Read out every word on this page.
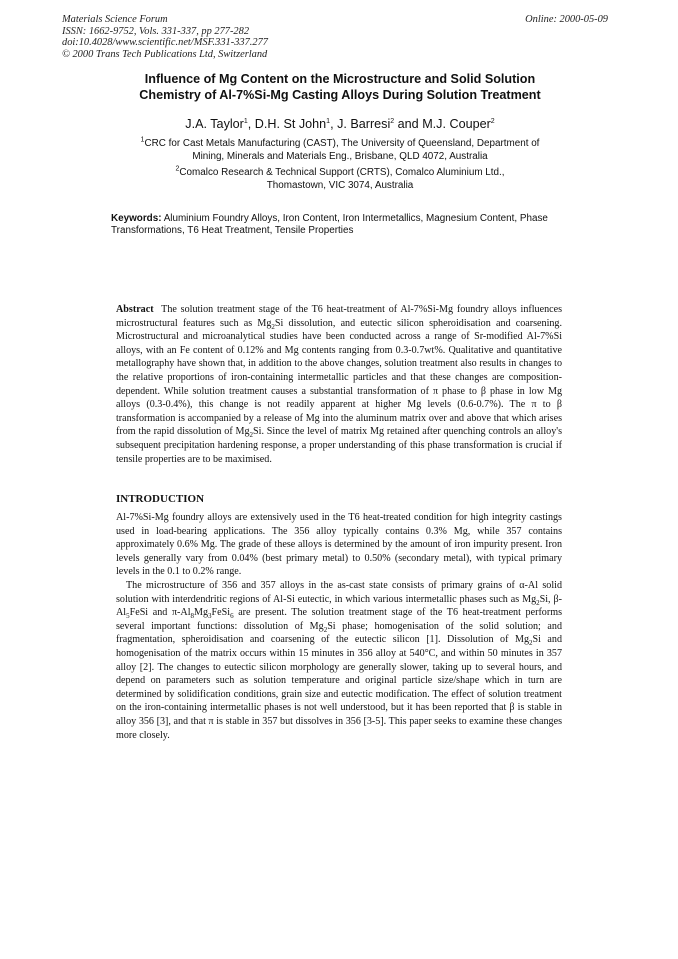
Materials Science Forum
ISSN: 1662-9752, Vols. 331-337, pp 277-282
doi:10.4028/www.scientific.net/MSF.331-337.277
© 2000 Trans Tech Publications Ltd, Switzerland
Online: 2000-05-09
Influence of Mg Content on the Microstructure and Solid Solution
Chemistry of Al-7%Si-Mg Casting Alloys During Solution Treatment
J.A. Taylor$^1$, D.H. St John$^1$, J. Barresi$^2$ and M.J. Couper$^2$
$^1$CRC for Cast Metals Manufacturing (CAST), The University of Queensland, Department of
Mining, Minerals and Materials Eng., Brisbane, QLD 4072, Australia
$^2$Comalco Research & Technical Support (CRTS), Comalco Aluminium Ltd.,
Thomastown, VIC 3074, Australia
Keywords: Aluminium Foundry Alloys, Iron Content, Iron Intermetallics, Magnesium Content, Phase Transformations, T6 Heat Treatment, Tensile Properties
Abstract The solution treatment stage of the T6 heat-treatment of Al-7%Si-Mg foundry alloys influences microstructural features such as $Mg_2Si$ dissolution, and eutectic silicon spheroidisation and coarsening. Microstructural and microanalytical studies have been conducted across a range of Sr-modified Al-7%Si alloys, with an Fe content of 0.12% and Mg contents ranging from 0.3-0.7wt%. Qualitative and quantitative metallography have shown that, in addition to the above changes, solution treatment also results in changes to the relative proportions of iron-containing intermetallic particles and that these changes are composition-dependent. While solution treatment causes a substantial transformation of π phase to β phase in low Mg alloys (0.3-0.4%), this change is not readily apparent at higher Mg levels (0.6-0.7%). The π to β transformation is accompanied by a release of Mg into the aluminum matrix over and above that which arises from the rapid dissolution of $Mg_2Si$. Since the level of matrix Mg retained after quenching controls an alloy's subsequent precipitation hardening response, a proper understanding of this phase transformation is crucial if tensile properties are to be maximised.
INTRODUCTION

Al-7%Si-Mg foundry alloys are extensively used in the T6 heat-treated condition for high integrity castings used in load-bearing applications. The 356 alloy typically contains 0.3% Mg, while 357 contains approximately 0.6% Mg. The grade of these alloys is determined by the amount of iron impurity present. Iron levels generally vary from 0.04% (best primary metal) to 0.50% (secondary metal), with typical primary levels in the 0.1 to 0.2% range.

The microstructure of 356 and 357 alloys in the as-cast state consists of primary grains of α-Al solid solution with interdendritic regions of Al-Si eutectic, in which various intermetallic phases such as $Mg_2Si$, $\beta-Al_5FeSi$ and $\pi-Al_8Mg_3FeSi_6$ are present. The solution treatment stage of the T6 heat-treatment performs several important functions: dissolution of $Mg_2Si$ phase; homogenisation of the solid solution; and fragmentation, spheroidisation and coarsening of the eutectic silicon [1]. Dissolution of $Mg_2Si$ and homogenisation of the matrix occurs within 15 minutes in 356 alloy at 540°C, and within 50 minutes in 357 alloy [2]. The changes to eutectic silicon morphology are generally slower, taking up to several hours, and depend on parameters such as solution temperature and original particle size/shape which in turn are determined by solidification conditions, grain size and eutectic modification. The effect of solution treatment on the iron-containing intermetallic phases is not well understood, but it has been reported that β is stable in alloy 356 [3], and that π is stable in 357 but dissolves in 356 [3-5]. This paper seeks to examine these changes more closely.
